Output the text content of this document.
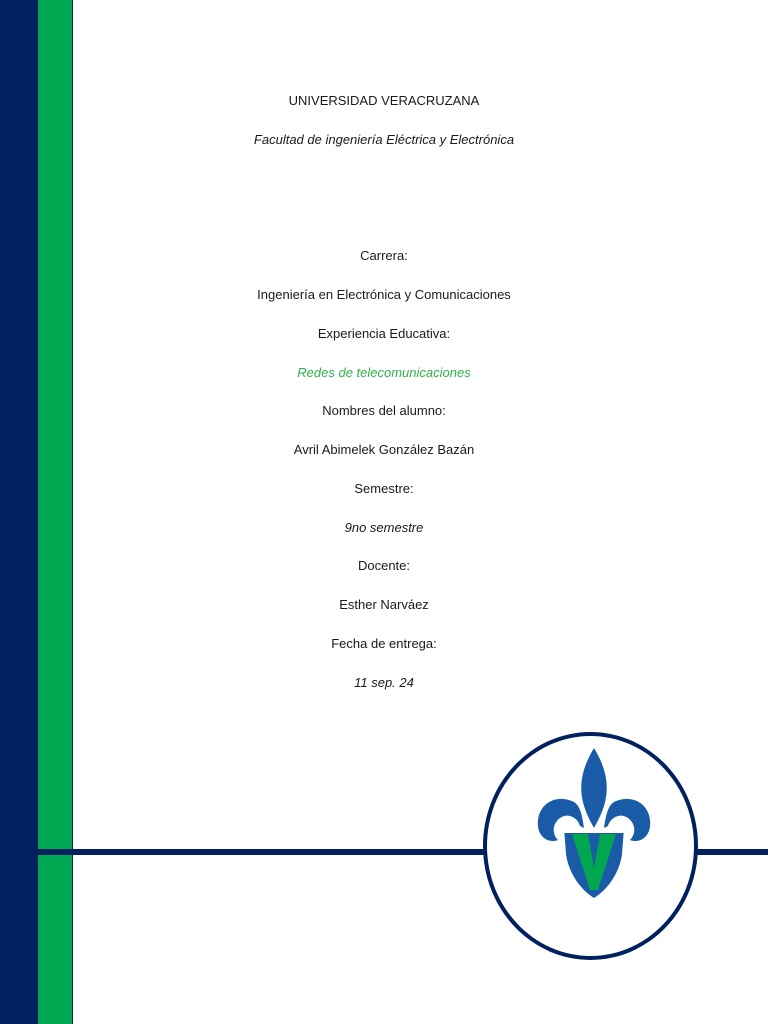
UNIVERSIDAD VERACRUZANA
Facultad de ingeniería Eléctrica y Electrónica
Carrera:
Ingeniería en Electrónica y Comunicaciones
Experiencia Educativa:
Redes de telecomunicaciones
Nombres del alumno:
Avril Abimelek González Bazán
Semestre:
9no semestre
Docente:
Esther Narváez
Fecha de entrega:
11 sep. 24
